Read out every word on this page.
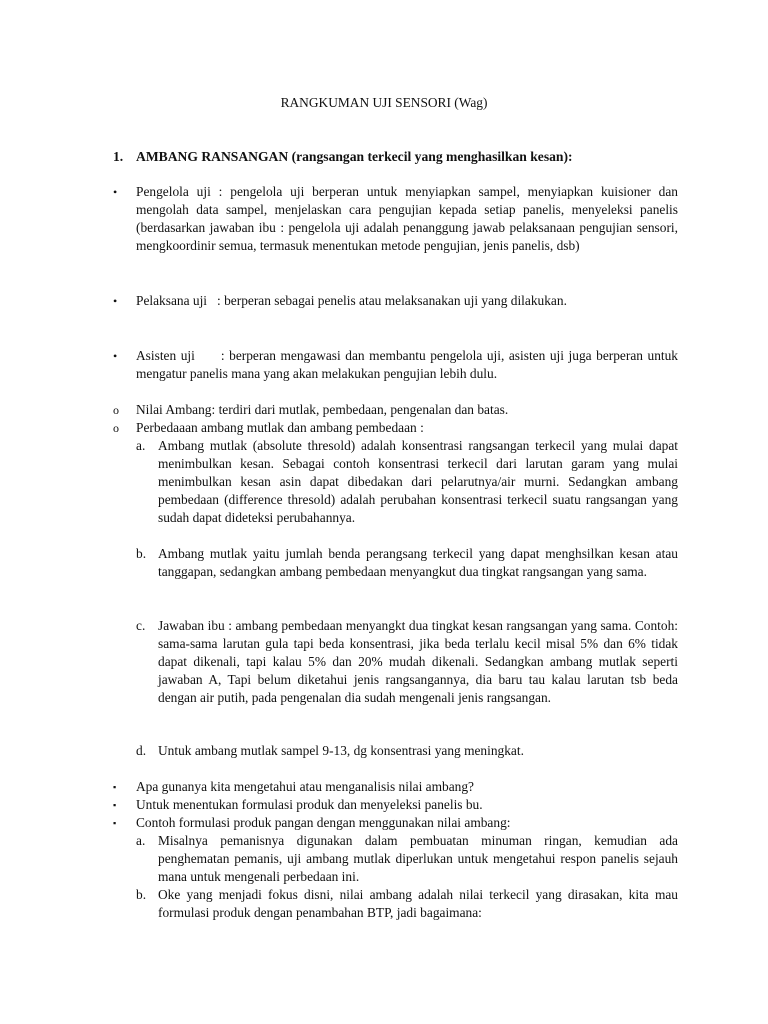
RANGKUMAN UJI SENSORI (Wag)
1. AMBANG RANSANGAN (rangsangan terkecil yang menghasilkan kesan):
•	Pengelola uji : pengelola uji berperan untuk menyiapkan sampel, menyiapkan kuisioner dan mengolah data sampel, menjelaskan cara pengujian kepada setiap panelis, menyeleksi panelis (berdasarkan jawaban ibu : pengelola uji adalah penanggung jawab pelaksanaan pengujian sensori, mengkoordinir semua, termasuk menentukan metode pengujian, jenis panelis, dsb)
•	Pelaksana uji : berperan sebagai penelis atau melaksanakan uji yang dilakukan.
•	Asisten uji : berperan mengawasi dan membantu pengelola uji, asisten uji juga berperan untuk mengatur panelis mana yang akan melakukan pengujian lebih dulu.
o	Nilai Ambang: terdiri dari mutlak, pembedaan, pengenalan dan batas.
o	Perbedaaan ambang mutlak dan ambang pembedaan :
a. Ambang mutlak (absolute thresold) adalah konsentrasi rangsangan terkecil yang mulai dapat menimbulkan kesan. Sebagai contoh konsentrasi terkecil dari larutan garam yang mulai menimbulkan kesan asin dapat dibedakan dari pelarutnya/air murni. Sedangkan ambang pembedaan (difference thresold) adalah perubahan konsentrasi terkecil suatu rangsangan yang sudah dapat dideteksi perubahannya.
b. Ambang mutlak yaitu jumlah benda perangsang terkecil yang dapat menghsilkan kesan atau tanggapan, sedangkan ambang pembedaan menyangkut dua tingkat rangsangan yang sama.
c. Jawaban ibu : ambang pembedaan menyangkt dua tingkat kesan rangsangan yang sama. Contoh: sama-sama larutan gula tapi beda konsentrasi, jika beda terlalu kecil misal 5% dan 6% tidak dapat dikenali, tapi kalau 5% dan 20% mudah dikenali. Sedangkan ambang mutlak seperti jawaban A, Tapi belum diketahui jenis rangsangannya, dia baru tau kalau larutan tsb beda dengan air putih, pada pengenalan dia sudah mengenali jenis rangsangan.
d. Untuk ambang mutlak sampel 9-13, dg konsentrasi yang meningkat.
▪	Apa gunanya kita mengetahui atau menganalisis nilai ambang?
▪	Untuk menentukan formulasi produk dan menyeleksi panelis bu.
▪	Contoh formulasi produk pangan dengan menggunakan nilai ambang:
a. Misalnya pemanisnya digunakan dalam pembuatan minuman ringan, kemudian ada penghematan pemanis, uji ambang mutlak diperlukan untuk mengetahui respon panelis sejauh mana untuk mengenali perbedaan ini.
b. Oke yang menjadi fokus disni, nilai ambang adalah nilai terkecil yang dirasakan, kita mau formulasi produk dengan penambahan BTP, jadi bagaimana:
